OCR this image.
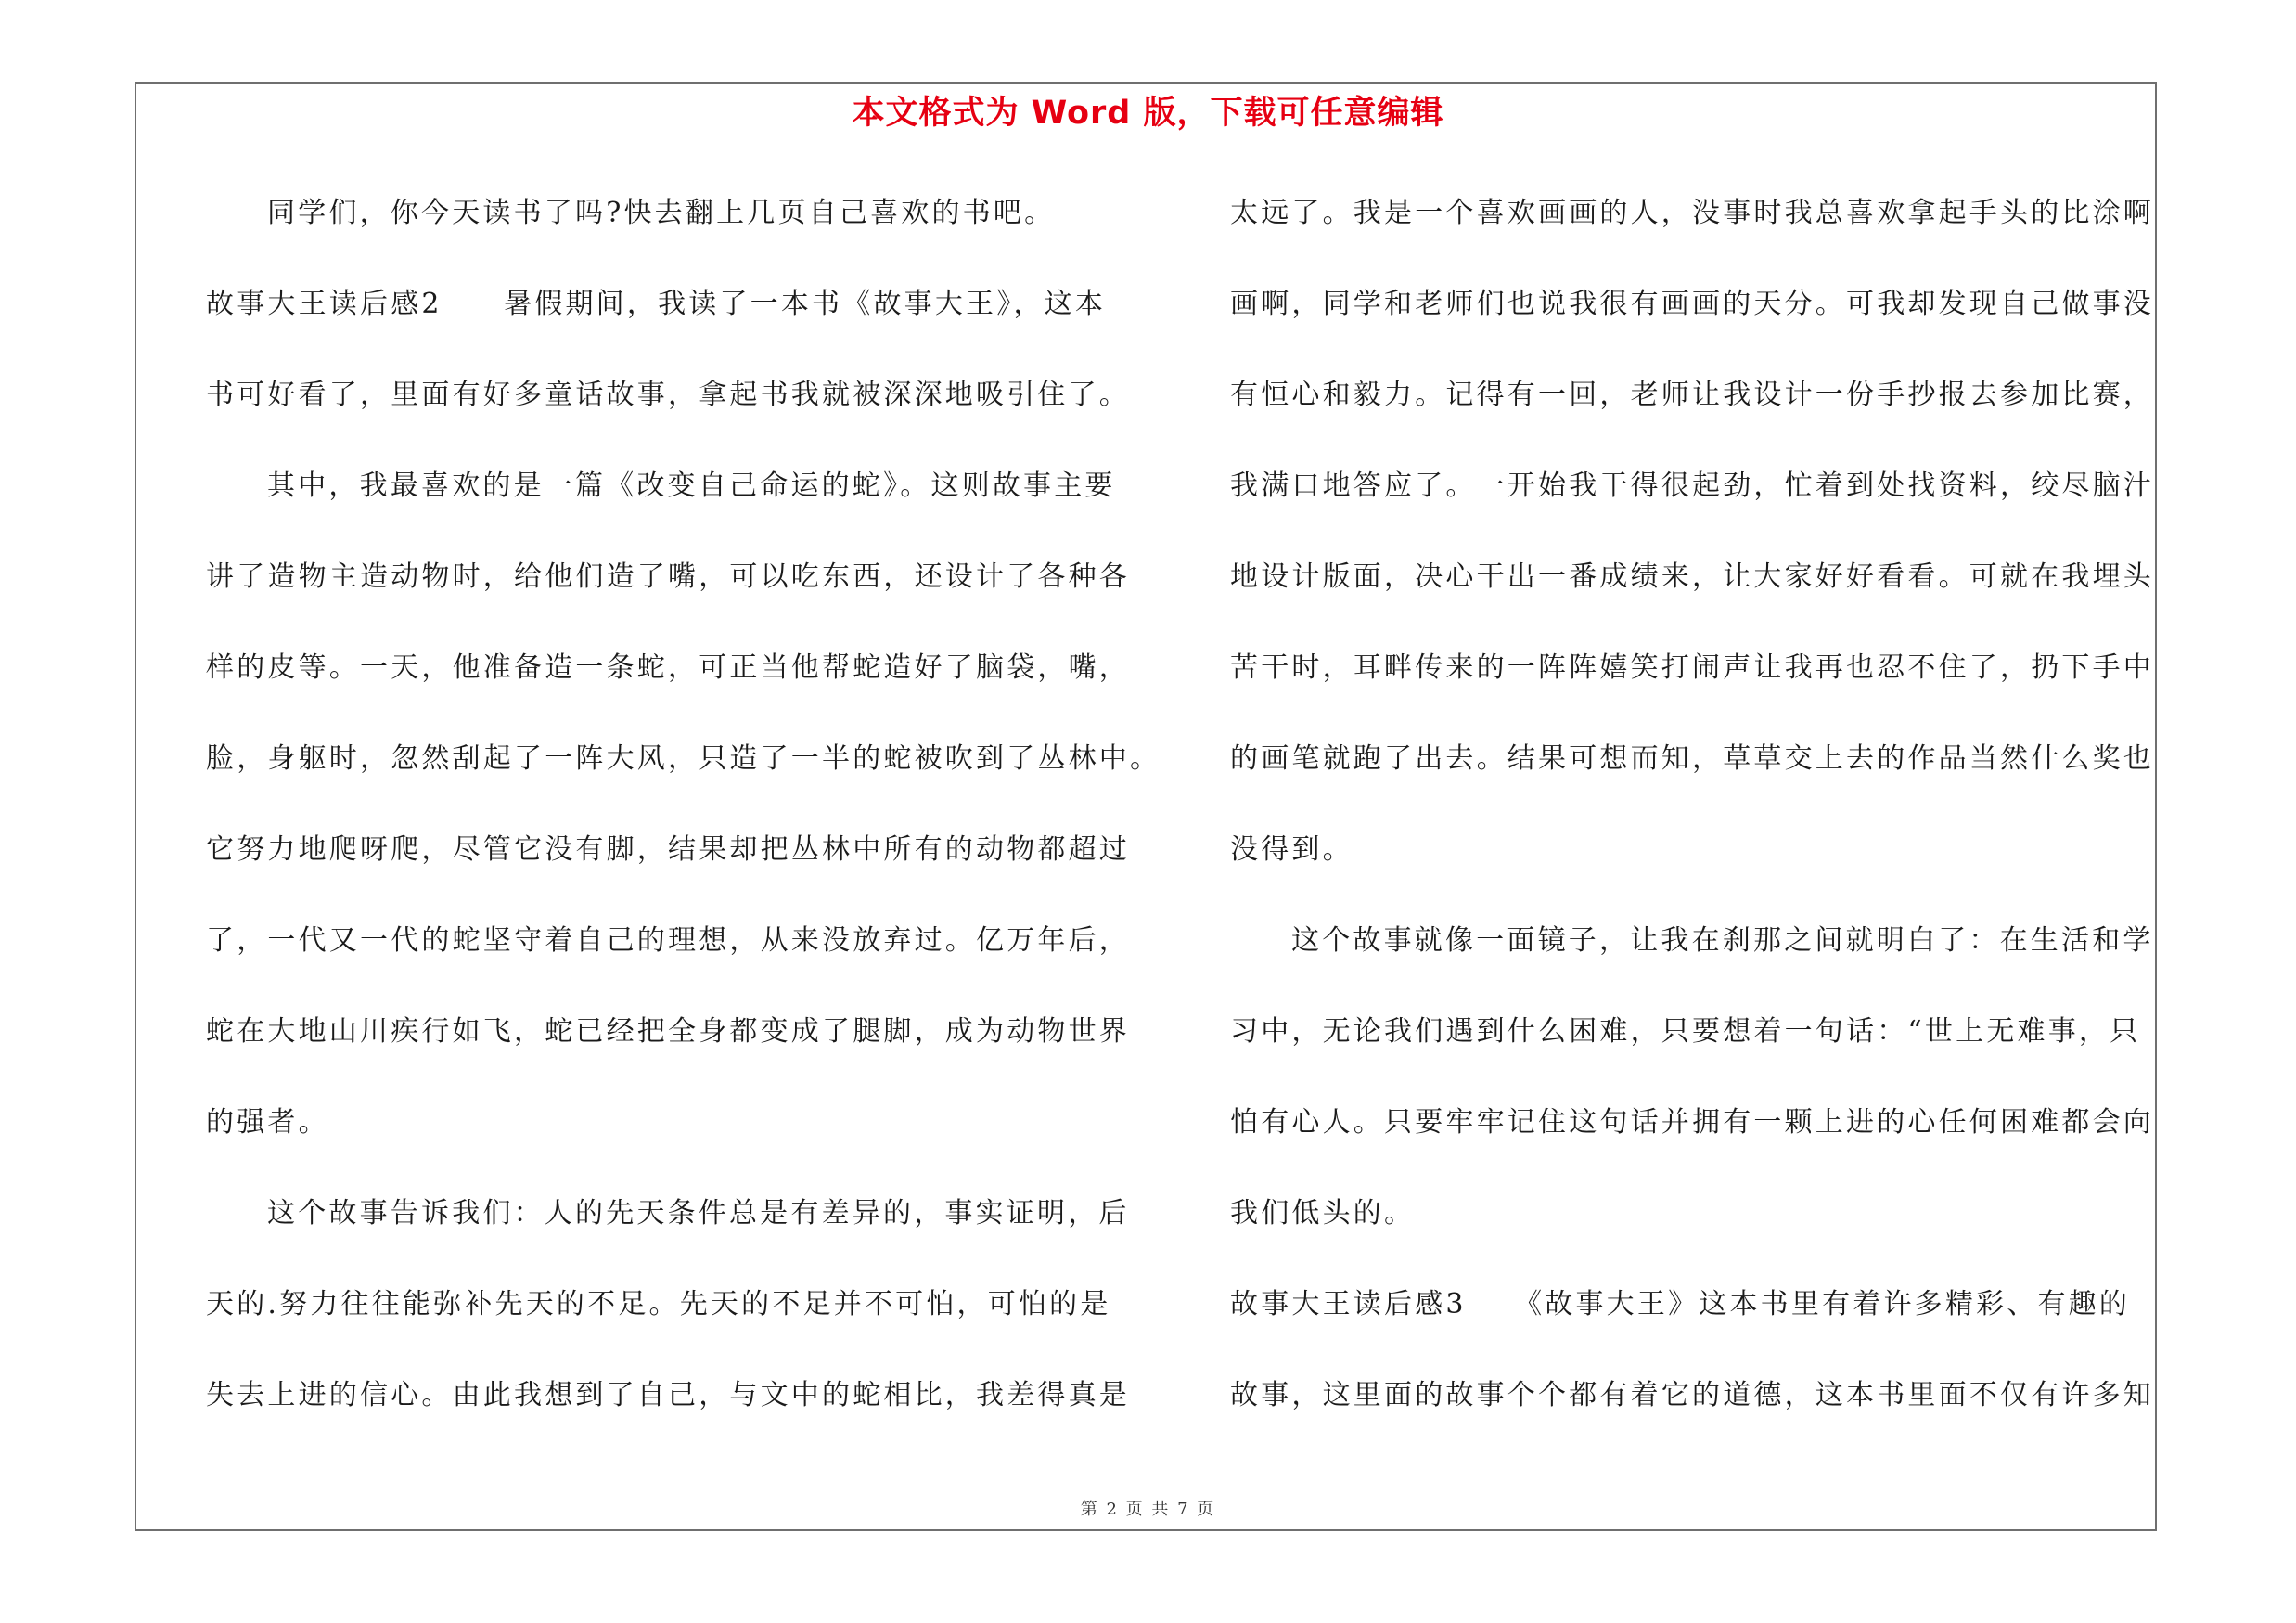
本文格式为 Word 版，下载可任意编辑
同学们，你今天读书了吗?快去翻上几页自己喜欢的书吧。
故事大王读后感2　　暑假期间，我读了一本书《故事大王》，这本
书可好看了，里面有好多童话故事，拿起书我就被深深地吸引住了。
其中，我最喜欢的是一篇《改变自己命运的蛇》。这则故事主要
讲了造物主造动物时，给他们造了嘴，可以吃东西，还设计了各种各
样的皮等。一天，他准备造一条蛇，可正当他帮蛇造好了脑袋，嘴，
脸，身躯时，忽然刮起了一阵大风，只造了一半的蛇被吹到了丛林中。
它努力地爬呀爬，尽管它没有脚，结果却把丛林中所有的动物都超过
了，一代又一代的蛇坚守着自己的理想，从来没放弃过。亿万年后，
蛇在大地山川疾行如飞，蛇已经把全身都变成了腿脚，成为动物世界
的强者。
这个故事告诉我们：人的先天条件总是有差异的，事实证明，后
天的.努力往往能弥补先天的不足。先天的不足并不可怕，可怕的是
失去上进的信心。由此我想到了自己，与文中的蛇相比，我差得真是
太远了。我是一个喜欢画画的人，没事时我总喜欢拿起手头的比涂啊
画啊，同学和老师们也说我很有画画的天分。可我却发现自己做事没
有恒心和毅力。记得有一回，老师让我设计一份手抄报去参加比赛，
我满口地答应了。一开始我干得很起劲，忙着到处找资料，绞尽脑汁
地设计版面，决心干出一番成绩来，让大家好好看看。可就在我埋头
苦干时，耳畔传来的一阵阵嬉笑打闹声让我再也忍不住了，扔下手中
的画笔就跑了出去。结果可想而知，草草交上去的作品当然什么奖也
没得到。
这个故事就像一面镜子，让我在刹那之间就明白了：在生活和学
习中，无论我们遇到什么困难，只要想着一句话：“世上无难事，只
怕有心人。只要牢牢记住这句话并拥有一颗上进的心任何困难都会向
我们低头的。
故事大王读后感3　　《故事大王》这本书里有着许多精彩、有趣的
故事，这里面的故事个个都有着它的道德，这本书里面不仅有许多知
第 2 页 共 7 页
